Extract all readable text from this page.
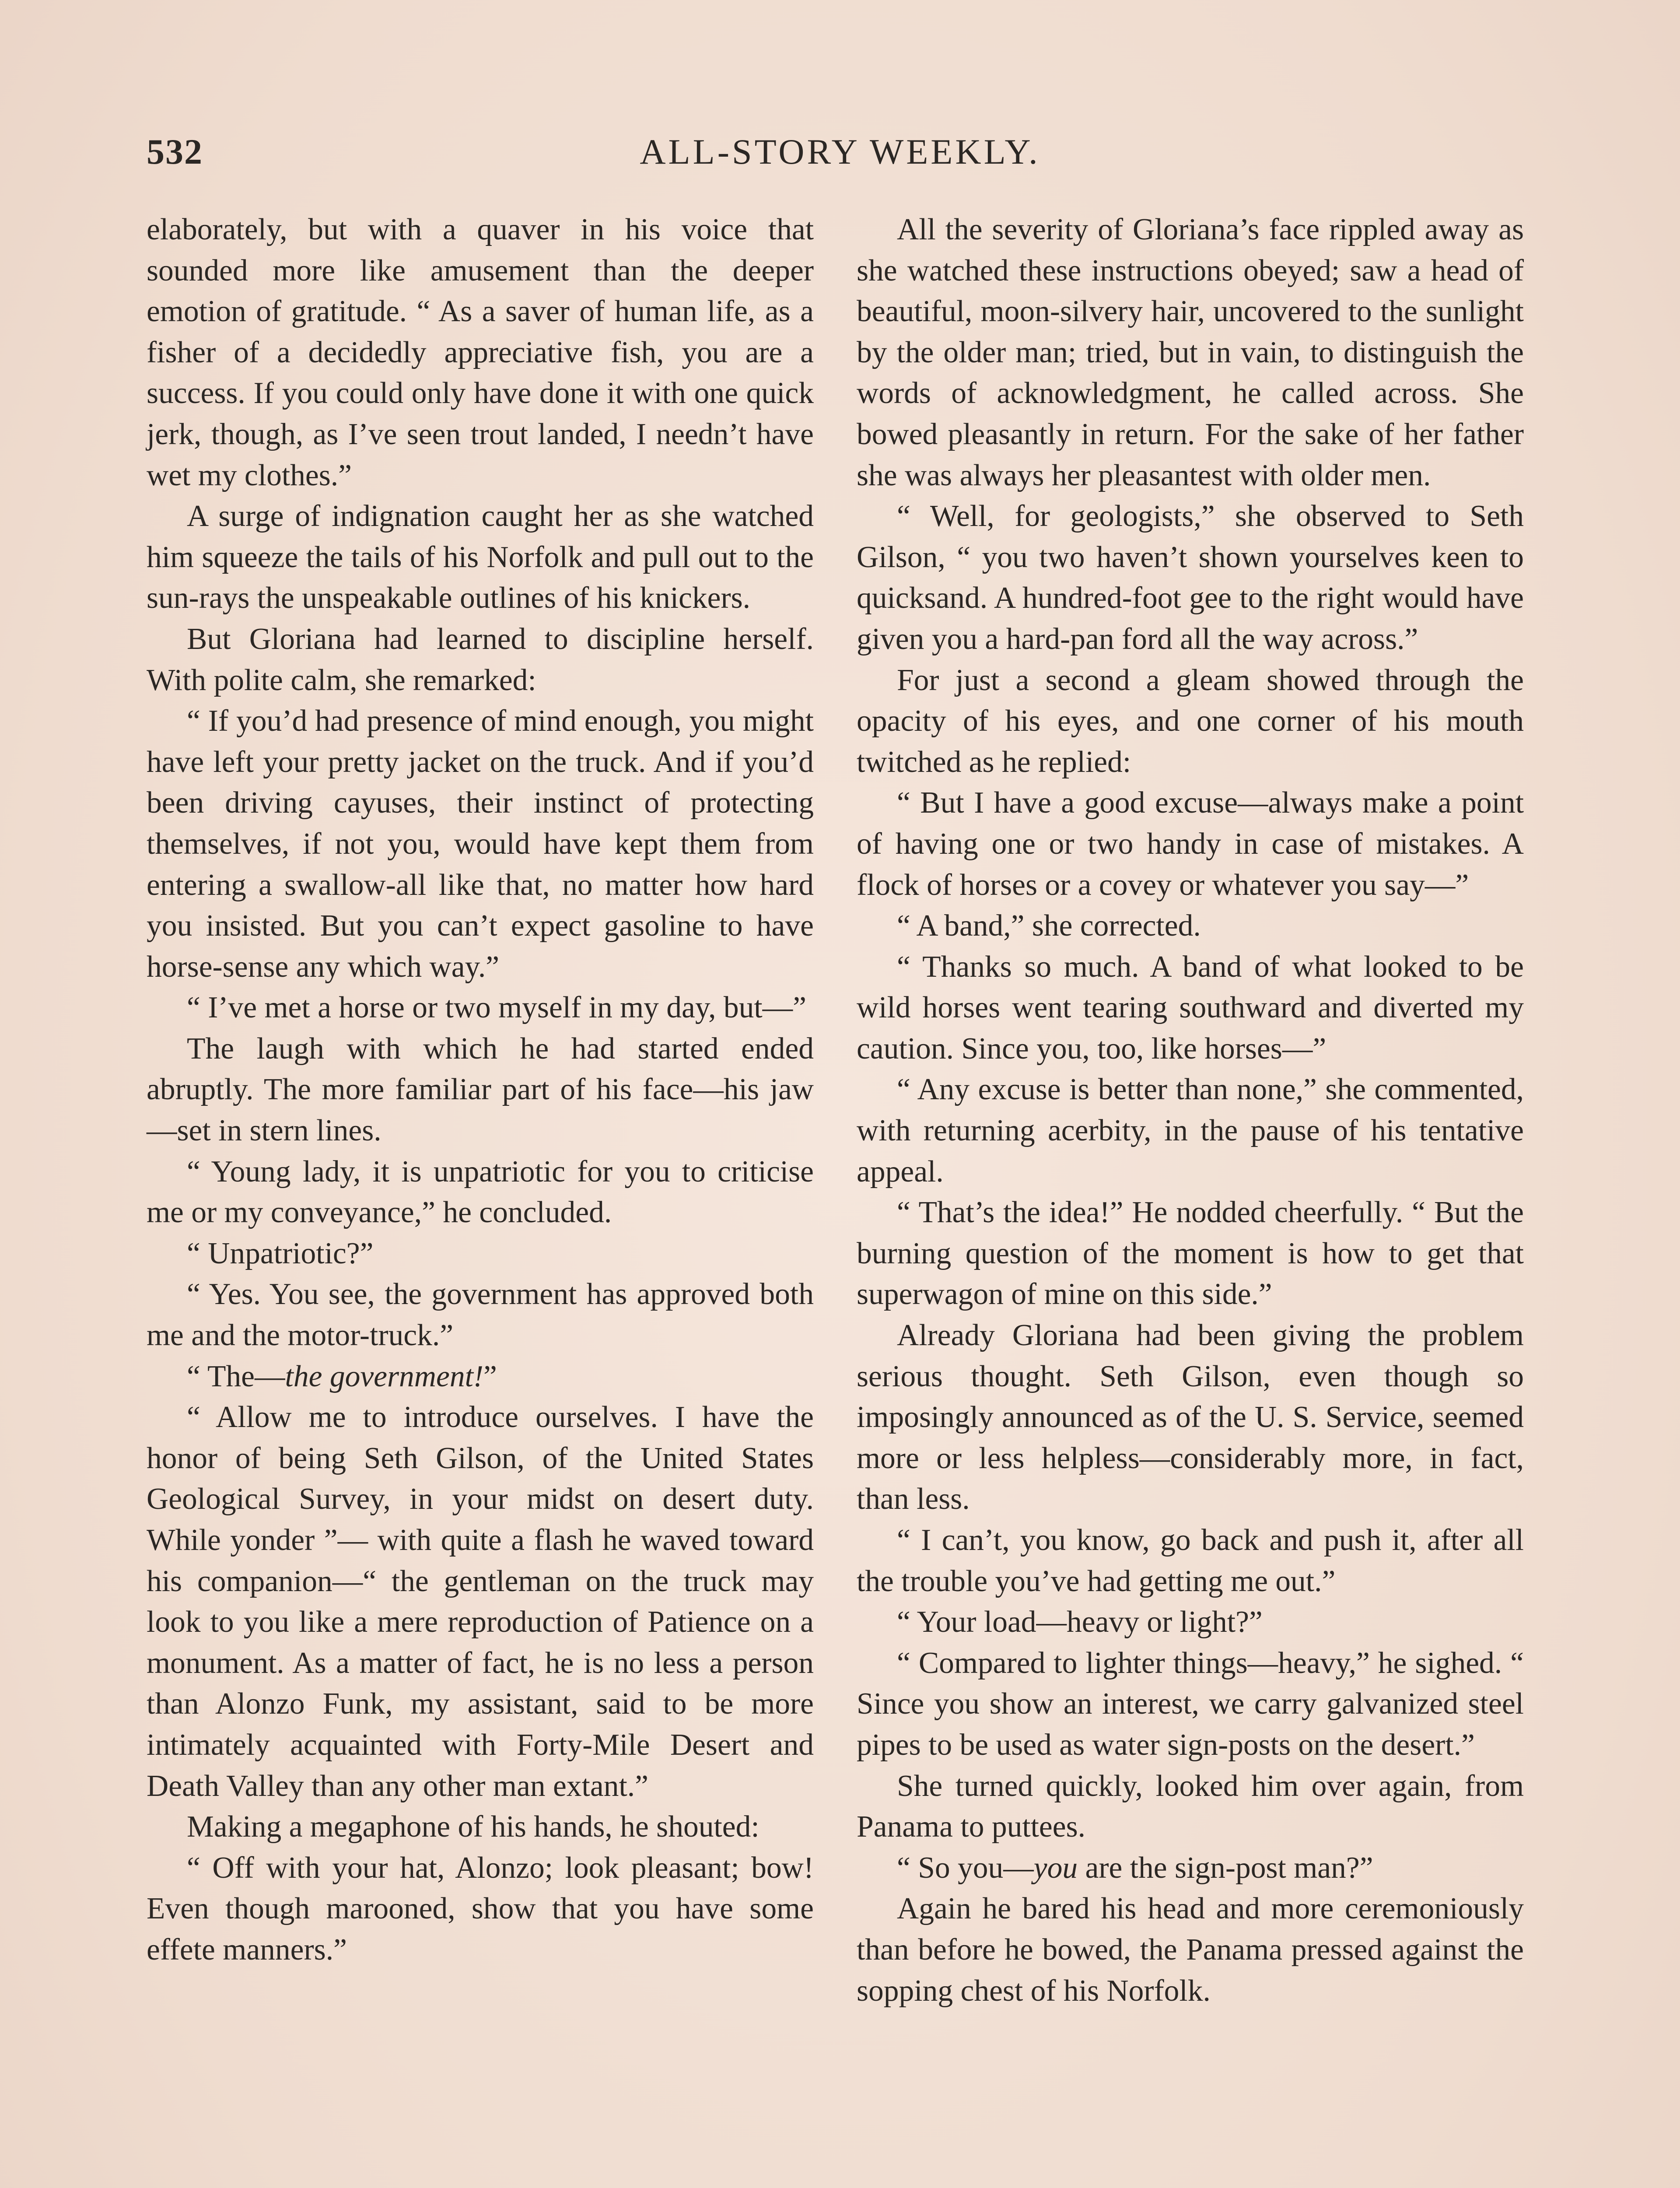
532	ALL-STORY WEEKLY.

elaborately, but with a quaver in his voice that sounded more like amusement than the deeper emotion of gratitude. “ As a saver of human life, as a fisher of a decidedly appreciative fish, you are a success. If you could only have done it with one quick jerk, though, as I’ve seen trout landed, I needn’t have wet my clothes.”

A surge of indignation caught her as she watched him squeeze the tails of his Norfolk and pull out to the sun-rays the unspeakable outlines of his knickers.

But Gloriana had learned to discipline herself. With polite calm, she remarked:

“ If you’d had presence of mind enough, you might have left your pretty jacket on the truck. And if you’d been driving cayuses, their instinct of protecting themselves, if not you, would have kept them from entering a swallow-all like that, no matter how hard you insisted. But you can’t expect gasoline to have horse-sense any which way.”

“ I’ve met a horse or two myself in my day, but—”

The laugh with which he had started ended abruptly. The more familiar part of his face—his jaw—set in stern lines.

“ Young lady, it is unpatriotic for you to criticise me or my conveyance,” he concluded.

“ Unpatriotic?”

“ Yes. You see, the government has approved both me and the motor-truck.”

“ The—the government!”

“ Allow me to introduce ourselves. I have the honor of being Seth Gilson, of the United States Geological Survey, in your midst on desert duty. While yonder ”— with quite a flash he waved toward his companion—“ the gentleman on the truck may look to you like a mere reproduction of Patience on a monument. As a matter of fact, he is no less a person than Alonzo Funk, my assistant, said to be more intimately acquainted with Forty-Mile Desert and Death Valley than any other man extant.”

Making a megaphone of his hands, he shouted:

“ Off with your hat, Alonzo; look pleasant; bow! Even though marooned, show that you have some effete manners.”

All the severity of Gloriana’s face rippled away as she watched these instructions obeyed; saw a head of beautiful, moon-silvery hair, uncovered to the sunlight by the older man; tried, but in vain, to distinguish the words of acknowledgment, he called across. She bowed pleasantly in return. For the sake of her father she was always her pleasantest with older men.

“ Well, for geologists,” she observed to Seth Gilson, “ you two haven’t shown yourselves keen to quicksand. A hundred-foot gee to the right would have given you a hard-pan ford all the way across.”

For just a second a gleam showed through the opacity of his eyes, and one corner of his mouth twitched as he replied:

“ But I have a good excuse—always make a point of having one or two handy in case of mistakes. A flock of horses or a covey or whatever you say—”

“ A band,” she corrected.

“ Thanks so much. A band of what looked to be wild horses went tearing southward and diverted my caution. Since you, too, like horses—”

“ Any excuse is better than none,” she commented, with returning acerbity, in the pause of his tentative appeal.

“ That’s the idea!” He nodded cheerfully. “ But the burning question of the moment is how to get that superwagon of mine on this side.”

Already Gloriana had been giving the problem serious thought. Seth Gilson, even though so imposingly announced as of the U. S. Service, seemed more or less helpless—considerably more, in fact, than less.

“ I can’t, you know, go back and push it, after all the trouble you’ve had getting me out.”

“ Your load—heavy or light?”

“ Compared to lighter things—heavy,” he sighed. “ Since you show an interest, we carry galvanized steel pipes to be used as water sign-posts on the desert.”

She turned quickly, looked him over again, from Panama to puttees.

“ So you—you are the sign-post man?”

Again he bared his head and more ceremoniously than before he bowed, the Panama pressed against the sopping chest of his Norfolk.
